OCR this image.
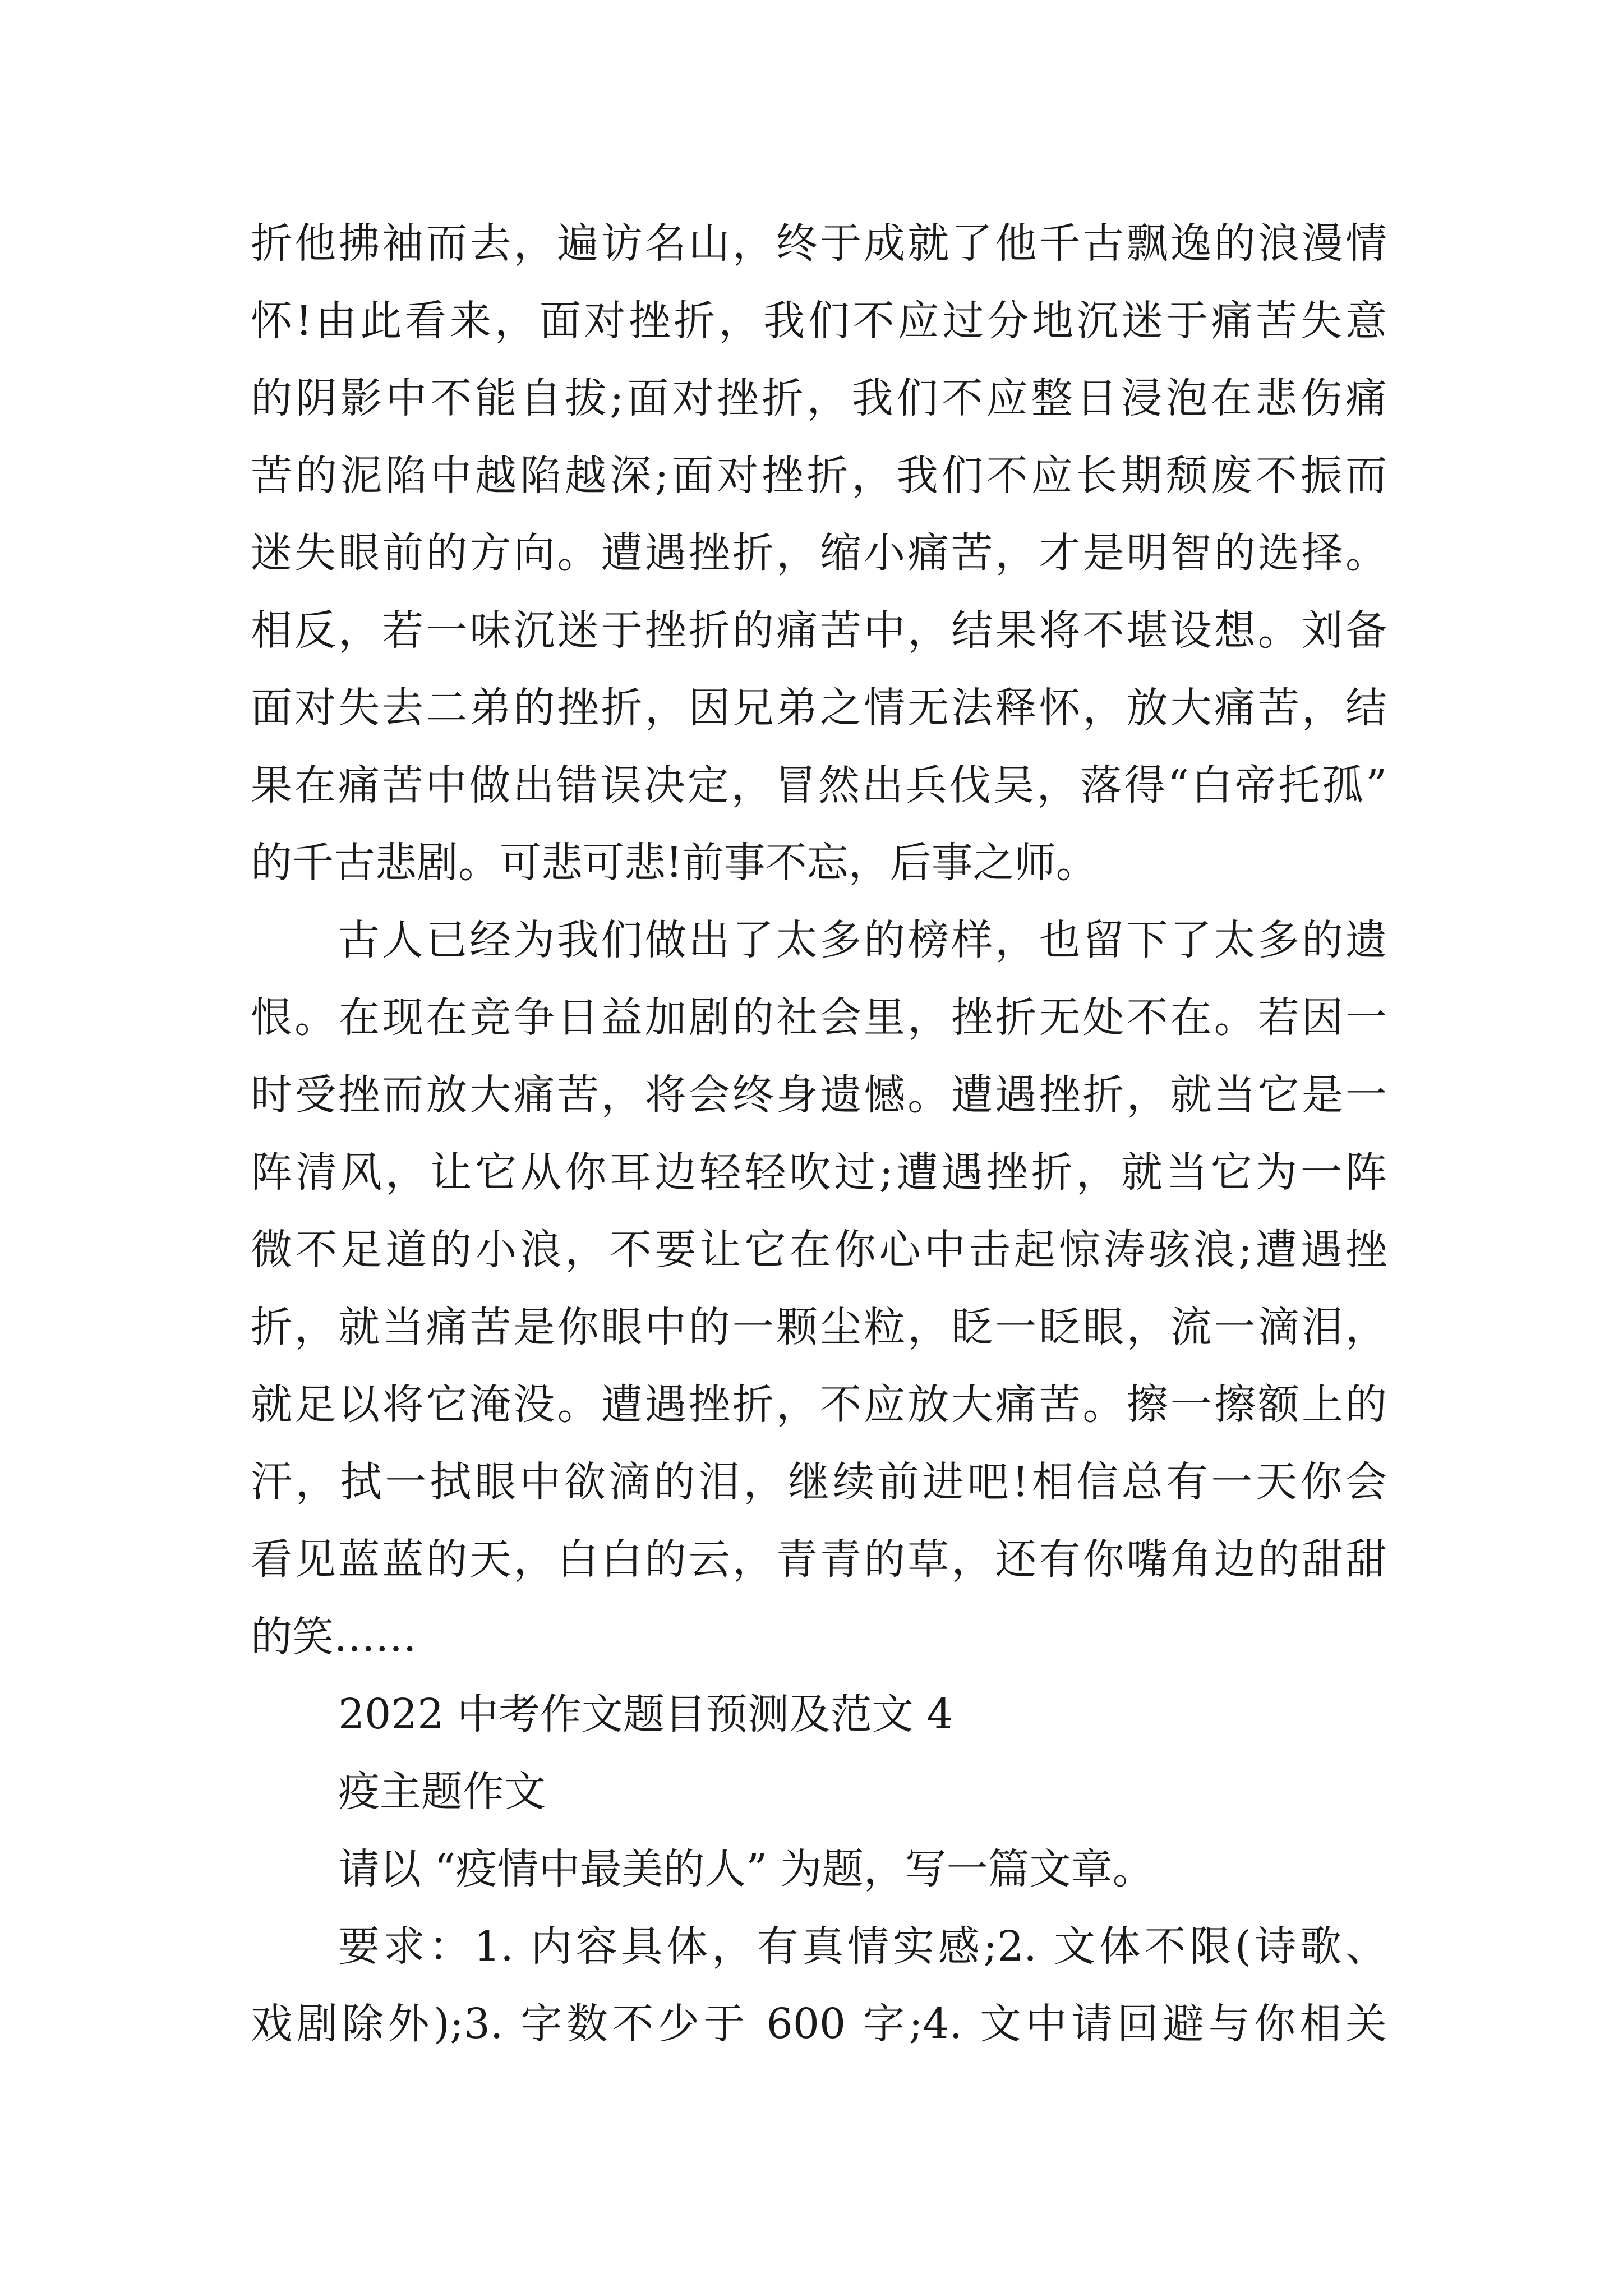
折他拂袖而去，遍访名山，终于成就了他千古飘逸的浪漫情
怀!由此看来，面对挫折，我们不应过分地沉迷于痛苦失意
的阴影中不能自拔;面对挫折，我们不应整日浸泡在悲伤痛
苦的泥陷中越陷越深;面对挫折，我们不应长期颓废不振而
迷失眼前的方向。遭遇挫折，缩小痛苦，才是明智的选择。
相反，若一味沉迷于挫折的痛苦中，结果将不堪设想。刘备
面对失去二弟的挫折，因兄弟之情无法释怀，放大痛苦，结
果在痛苦中做出错误决定，冒然出兵伐吴，落得“白帝托孤”
的千古悲剧。可悲可悲!前事不忘，后事之师。
古人已经为我们做出了太多的榜样，也留下了太多的遗
恨。在现在竞争日益加剧的社会里，挫折无处不在。若因一
时受挫而放大痛苦，将会终身遗憾。遭遇挫折，就当它是一
阵清风，让它从你耳边轻轻吹过;遭遇挫折，就当它为一阵
微不足道的小浪，不要让它在你心中击起惊涛骇浪;遭遇挫
折，就当痛苦是你眼中的一颗尘粒，眨一眨眼，流一滴泪，
就足以将它淹没。遭遇挫折，不应放大痛苦。擦一擦额上的
汗，拭一拭眼中欲滴的泪，继续前进吧!相信总有一天你会
看见蓝蓝的天，白白的云，青青的草，还有你嘴角边的甜甜
的笑……
2022 中考作文题目预测及范文 4
疫主题作文
请以 “疫情中最美的人” 为题，写一篇文章。
要求：1. 内容具体，有真情实感;2. 文体不限(诗歌、
戏剧除外);3. 字数不少于 600 字;4. 文中请回避与你相关
